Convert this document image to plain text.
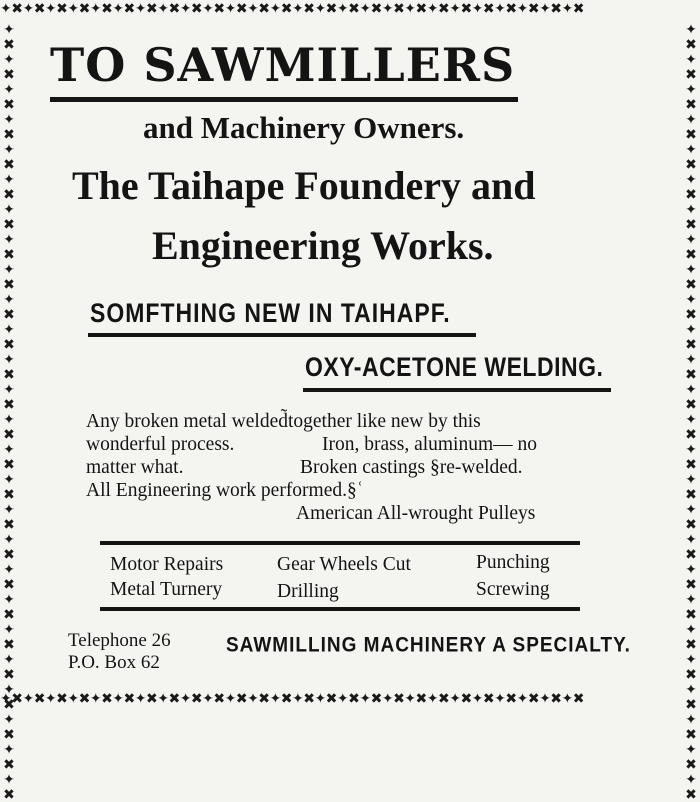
✦✖✦✖✦✖✦✖✦✖✦✖✦✖✦✖✦✖✦✖✦✖✦✖✦✖✦✖✦✖✦✖✦✖✦✖✦✖✦✖✦✖✦✖✦✖✦✖✦✖✦✖
✦✖✦✖✦✖✦✖✦✖✦✖✦✖✦✖✦✖✦✖✦✖✦✖✦✖✦✖✦✖✦✖✦✖✦✖✦✖✦✖✦✖✦✖✦✖✦✖✦✖✦✖
✦✖✦✖✦✖✦✖✦✖✦✖✦✖✦✖✦✖✦✖✦✖✦✖✦✖✦✖✦✖✦✖✦✖✦✖✦✖✦✖✦✖✦✖✦✖✦✖✦✖✦✖	✦✖✦✖✦✖✦✖✦✖✦✖✦✖✦✖✦✖✦✖✦✖✦✖✦✖✦✖✦✖✦✖✦✖✦✖✦✖✦✖✦✖✦✖✦✖✦✖✦✖✦✖
TO SAWMILLERS
and Machinery Owners.
The Taihape Foundery and
Engineering Works.
SOMFTHING NEW IN TAIHAPF.
OXY-ACETONE WELDING.
Any broken metal welded̃together like new by this
wonderful process.	Iron, brass, aluminum— no
matter what.	Broken castings §re-welded.
All Engineering work performed.§ʿ
American All-wrought Pulleys
Motor Repairs	Gear Wheels Cut	Punching
Metal Turnery	Drilling	Screwing
Telephone 26
P.O. Box 62
SAWMILLING MACHINERY A SPECIALTY.
